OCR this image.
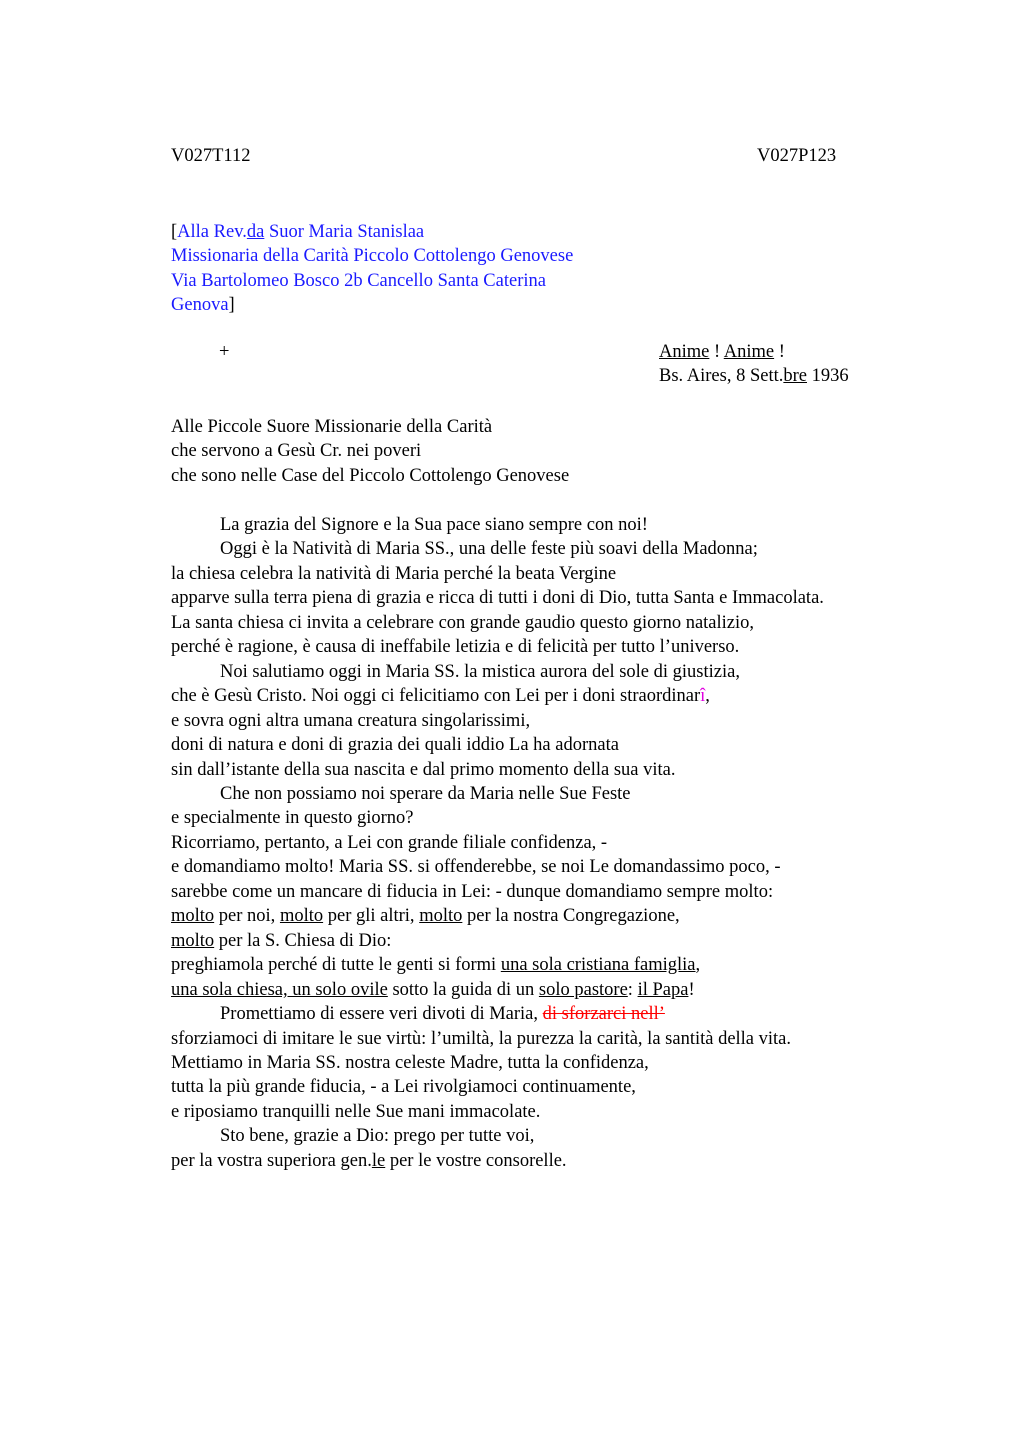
V027T112	V027P123
[Alla Rev.da Suor Maria Stanislaa
Missionaria della Carità Piccolo Cottolengo Genovese
Via Bartolomeo Bosco 2b Cancello Santa Caterina
Genova]
+	Anime ! Anime !
Bs. Aires, 8 Sett.bre 1936
Alle Piccole Suore Missionarie della Carità
che servono a Gesù Cr. nei poveri
che sono nelle Case del Piccolo Cottolengo Genovese
La grazia del Signore e la Sua pace siano sempre con noi!
Oggi è la Natività di Maria SS., una delle feste più soavi della Madonna;
la chiesa celebra la natività di Maria perché la beata Vergine
apparve sulla terra piena di grazia e ricca di tutti i doni di Dio, tutta Santa e Immacolata.
La santa chiesa ci invita a celebrare con grande gaudio questo giorno natalizio,
perché è ragione, è causa di ineffabile letizia e di felicità per tutto l’universo.
Noi salutiamo oggi in Maria SS. la mistica aurora del sole di giustizia,
che è Gesù Cristo. Noi oggi ci felicitiamo con Lei per i doni straordinarî,
e sovra ogni altra umana creatura singolarissimi,
doni di natura e doni di grazia dei quali iddio La ha adornata
sin dall’istante della sua nascita e dal primo momento della sua vita.
Che non possiamo noi sperare da Maria nelle Sue Feste
e specialmente in questo giorno?
Ricorriamo, pertanto, a Lei con grande filiale confidenza, -
e domandiamo molto! Maria SS. si offenderebbe, se noi Le domandassimo poco, -
sarebbe come un mancare di fiducia in Lei: - dunque domandiamo sempre molto:
molto per noi, molto per gli altri, molto per la nostra Congregazione,
molto per la S. Chiesa di Dio:
preghiamola perché di tutte le genti si formi una sola cristiana famiglia,
una sola chiesa, un solo ovile sotto la guida di un solo pastore: il Papa!
Promettiamo di essere veri divoti di Maria, di sforzarci nell’
sforziamoci di imitare le sue virtù: l’umiltà, la purezza la carità, la santità della vita.
Mettiamo in Maria SS. nostra celeste Madre, tutta la confidenza,
tutta la più grande fiducia, - a Lei rivolgiamoci continuamente,
e riposiamo tranquilli nelle Sue mani immacolate.
Sto bene, grazie a Dio: prego per tutte voi,
per la vostra superiora gen.le per le vostre consorelle.
